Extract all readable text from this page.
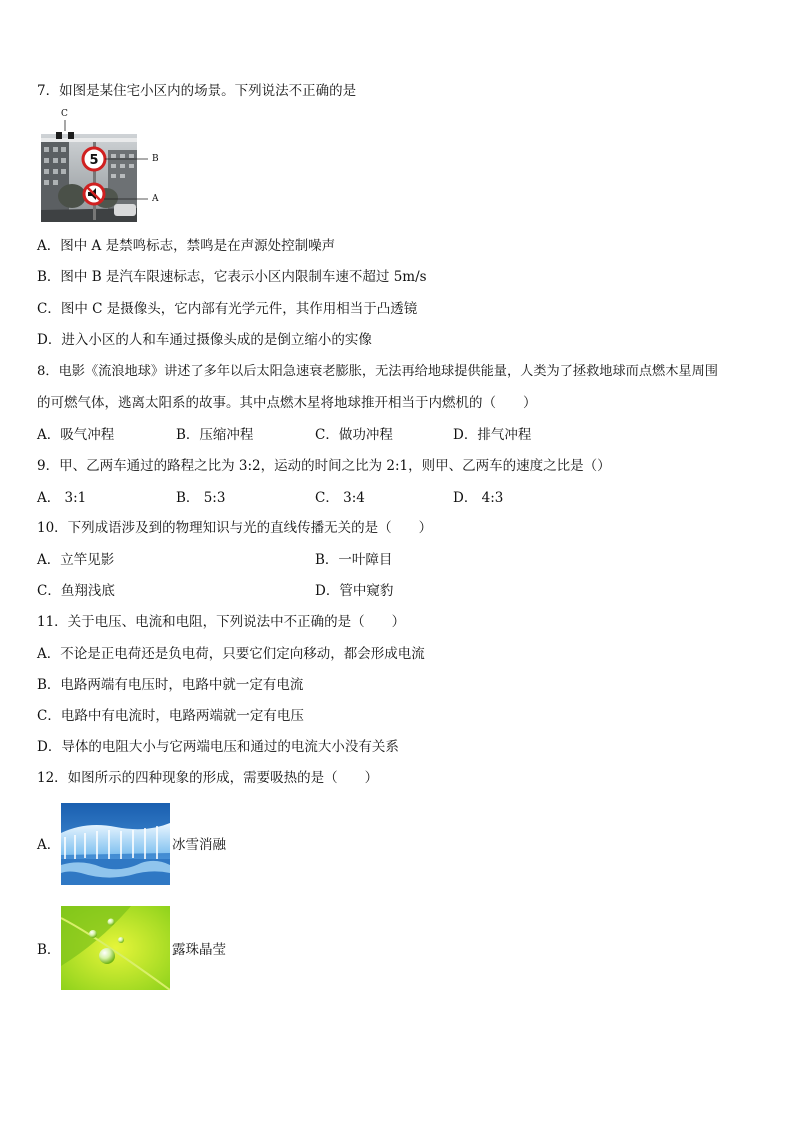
7．如图是某住宅小区内的场景。下列说法不正确的是
5
C
B
A
A．图中 A 是禁鸣标志，禁鸣是在声源处控制噪声
B．图中 B 是汽车限速标志，它表示小区内限制车速不超过 5m/s
C．图中 C 是摄像头，它内部有光学元件，其作用相当于凸透镜
D．进入小区的人和车通过摄像头成的是倒立缩小的实像
8．电影《流浪地球》讲述了多年以后太阳急速衰老膨胀，无法再给地球提供能量，人类为了拯救地球而点燃木星周围
的可燃气体，逃离太阳系的故事。其中点燃木星将地球推开相当于内燃机的（　　）
A．吸气冲程	B．压缩冲程	C．做功冲程	D．排气冲程
9．甲、乙两车通过的路程之比为 3:2，运动的时间之比为 2:1，则甲、乙两车的速度之比是（）
A． 3:1	B． 5:3	C． 3:4	D． 4:3
10．下列成语涉及到的物理知识与光的直线传播无关的是（　　）
A．立竿见影	B．一叶障目
C．鱼翔浅底	D．管中窥豹
11．关于电压、电流和电阻，下列说法中不正确的是（　　）
A．不论是正电荷还是负电荷，只要它们定向移动，都会形成电流
B．电路两端有电压时，电路中就一定有电流
C．电路中有电流时，电路两端就一定有电压
D．导体的电阻大小与它两端电压和通过的电流大小没有关系
12．如图所示的四种现象的形成，需要吸热的是（　　）
A．	冰雪消融
B．	露珠晶莹
